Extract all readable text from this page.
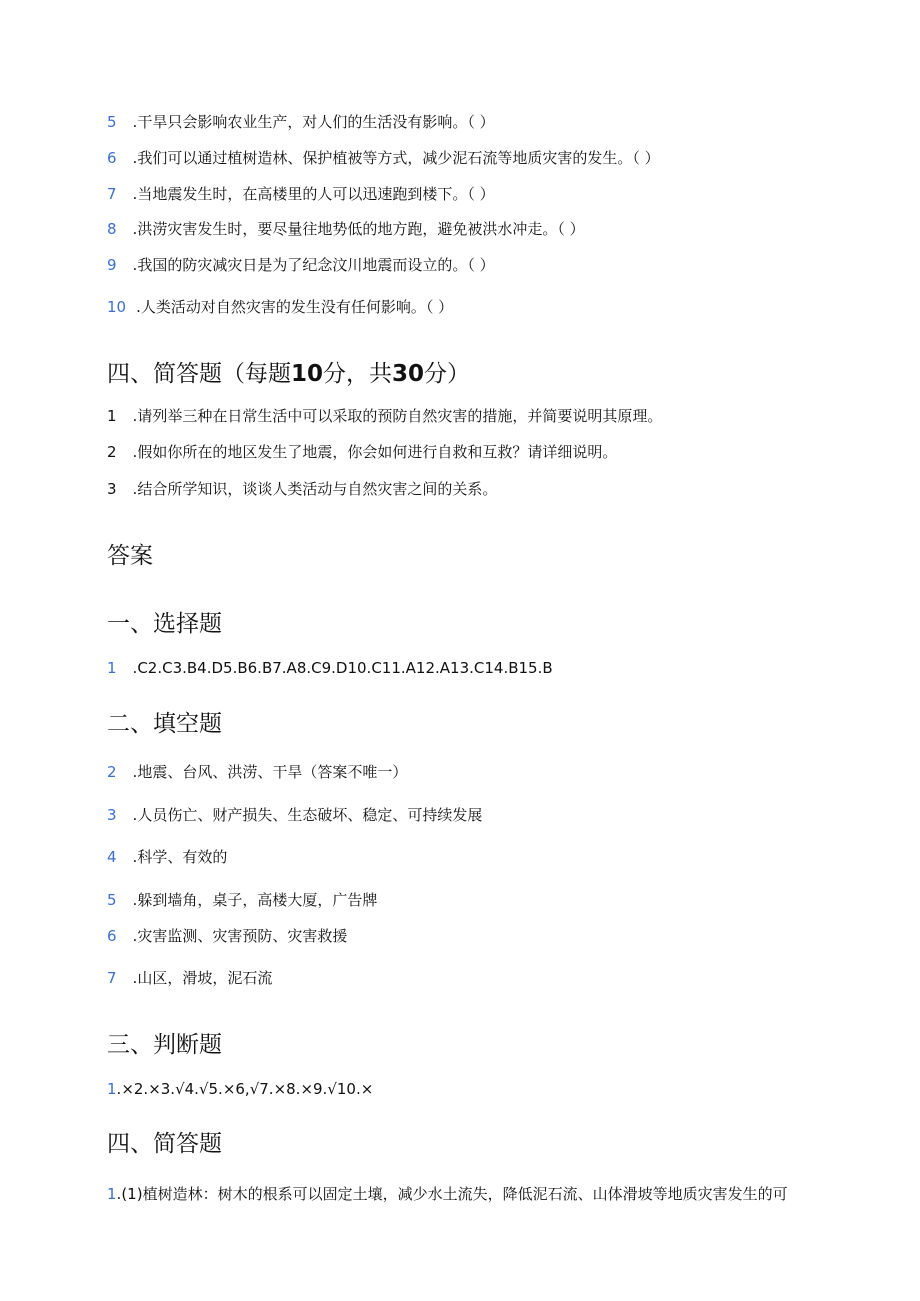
5 .干旱只会影响农业生产，对人们的生活没有影响。（ ）
6 .我们可以通过植树造林、保护植被等方式，减少泥石流等地质灾害的发生。（ ）
7 .当地震发生时，在高楼里的人可以迅速跑到楼下。（ ）
8 .洪涝灾害发生时，要尽量往地势低的地方跑，避免被洪水冲走。（ ）
9 .我国的防灾减灾日是为了纪念汶川地震而设立的。（ ）
10 .人类活动对自然灾害的发生没有任何影响。（ ）
四、简答题（每题10分，共30分）
1 .请列举三种在日常生活中可以采取的预防自然灾害的措施，并简要说明其原理。
2 .假如你所在的地区发生了地震，你会如何进行自救和互救？请详细说明。
3 .结合所学知识，谈谈人类活动与自然灾害之间的关系。
答案
一、选择题
1 .C2.C3.B4.D5.B6.B7.A8.C9.D10.C11.A12.A13.C14.B15.B
二、填空题
2 .地震、台风、洪涝、干旱（答案不唯一）
3 .人员伤亡、财产损失、生态破坏、稳定、可持续发展
4 .科学、有效的
5 .躲到墙角，桌子，高楼大厦，广告牌
6 .灾害监测、灾害预防、灾害救援
7 .山区，滑坡，泥石流
三、判断题
1.×2.×3.√4.√5.×6,√7.×8.×9.√10.×
四、简答题
1.(1)植树造林：树木的根系可以固定土壤，减少水土流失，降低泥石流、山体滑坡等地质灾害发生的可
